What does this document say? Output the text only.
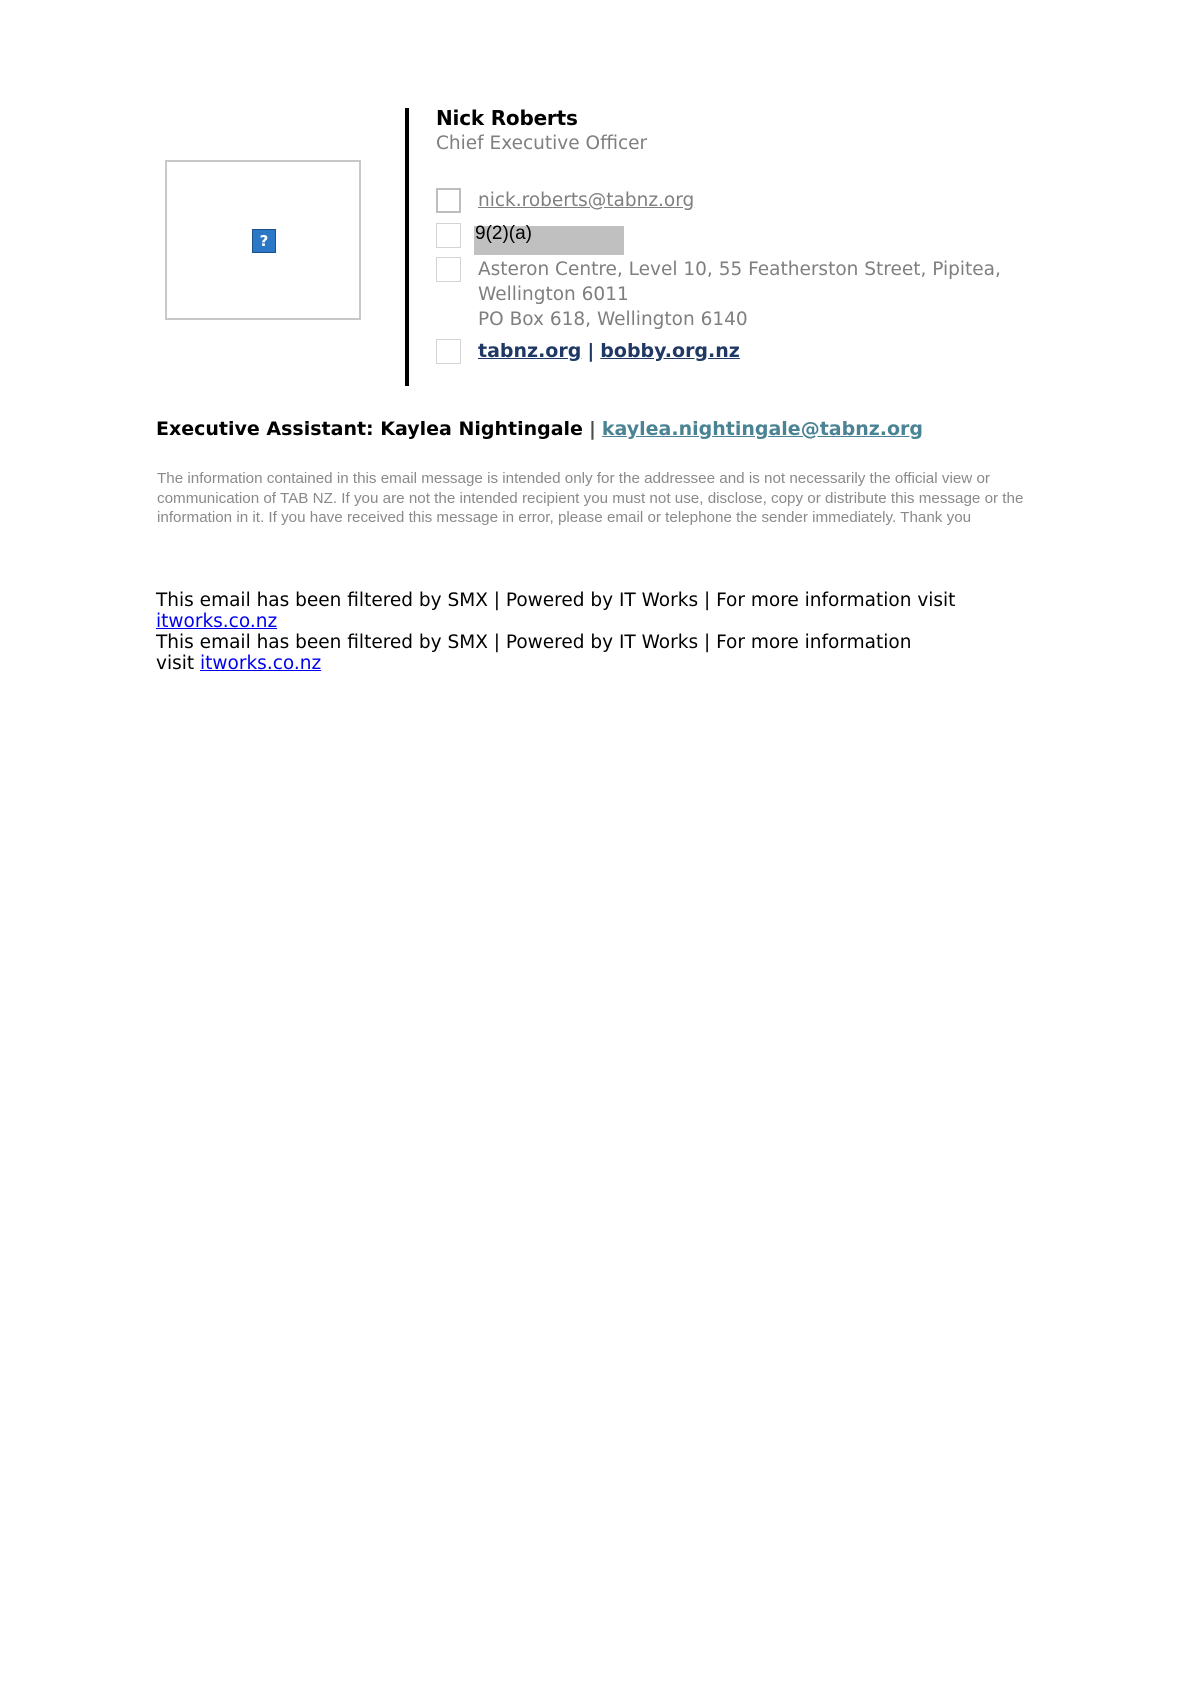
?
Nick Roberts
Chief Executive Officer
nick.roberts@tabnz.org
9(2)(a)
Asteron Centre, Level 10, 55 Featherston Street, Pipitea,
Wellington 6011
PO Box 618, Wellington 6140
tabnz.org | bobby.org.nz
Executive Assistant: Kaylea Nightingale | kaylea.nightingale@tabnz.org
The information contained in this email message is intended only for the addressee and is not necessarily the official view or
communication of TAB NZ. If you are not the intended recipient you must not use, disclose, copy or distribute this message or the
information in it. If you have received this message in error, please email or telephone the sender immediately. Thank you
This email has been filtered by SMX | Powered by IT Works | For more information visit
itworks.co.nz
This email has been filtered by SMX | Powered by IT Works | For more information
visit itworks.co.nz
